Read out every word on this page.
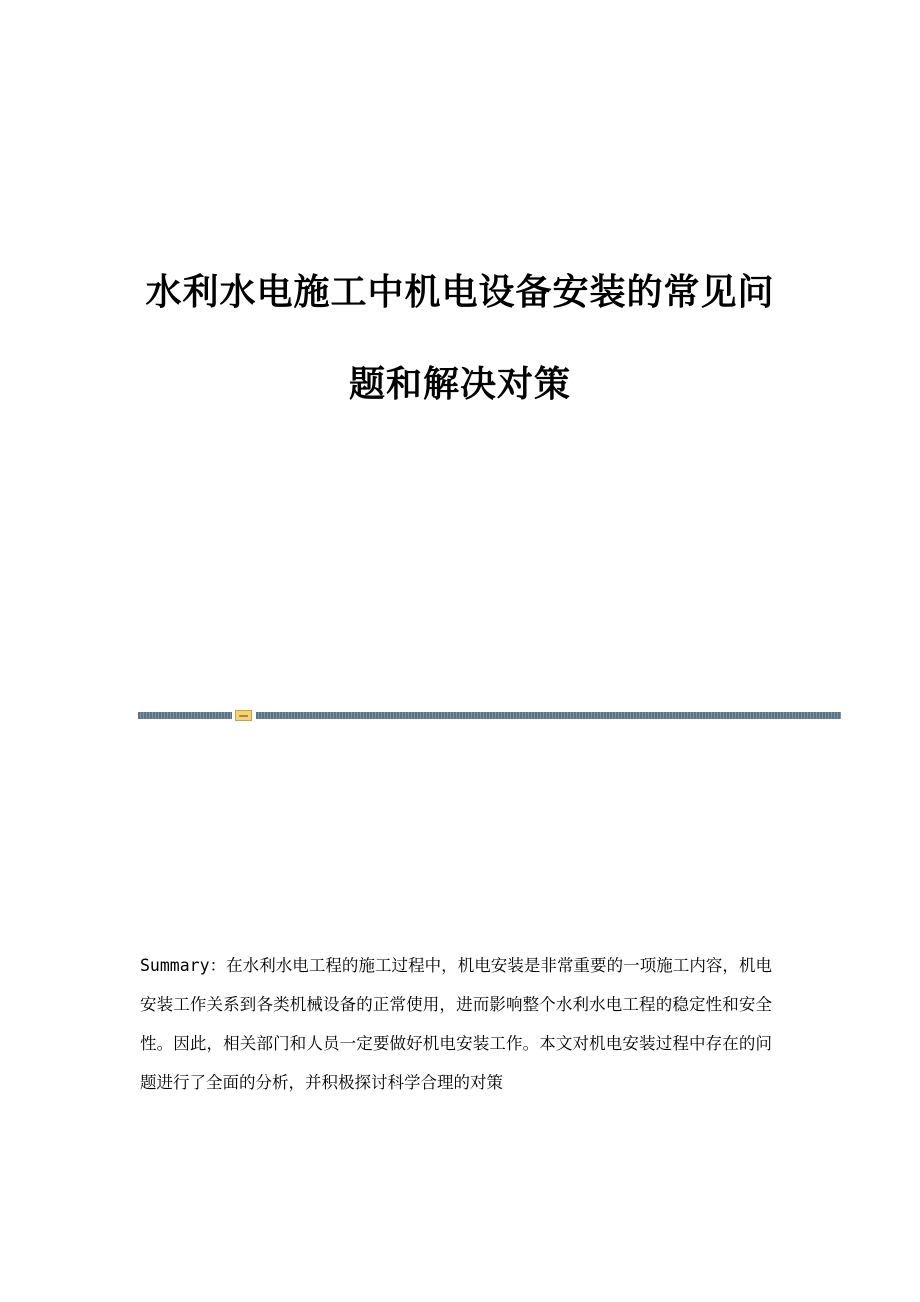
水利水电施工中机电设备安装的常见问
题和解决对策

Summary：在水利水电工程的施工过程中，机电安装是非常重要的一项施工内容，机电安装工作关系到各类机械设备的正常使用，进而影响整个水利水电工程的稳定性和安全性。因此，相关部门和人员一定要做好机电安装工作。本文对机电安装过程中存在的问题进行了全面的分析，并积极探讨科学合理的对策
